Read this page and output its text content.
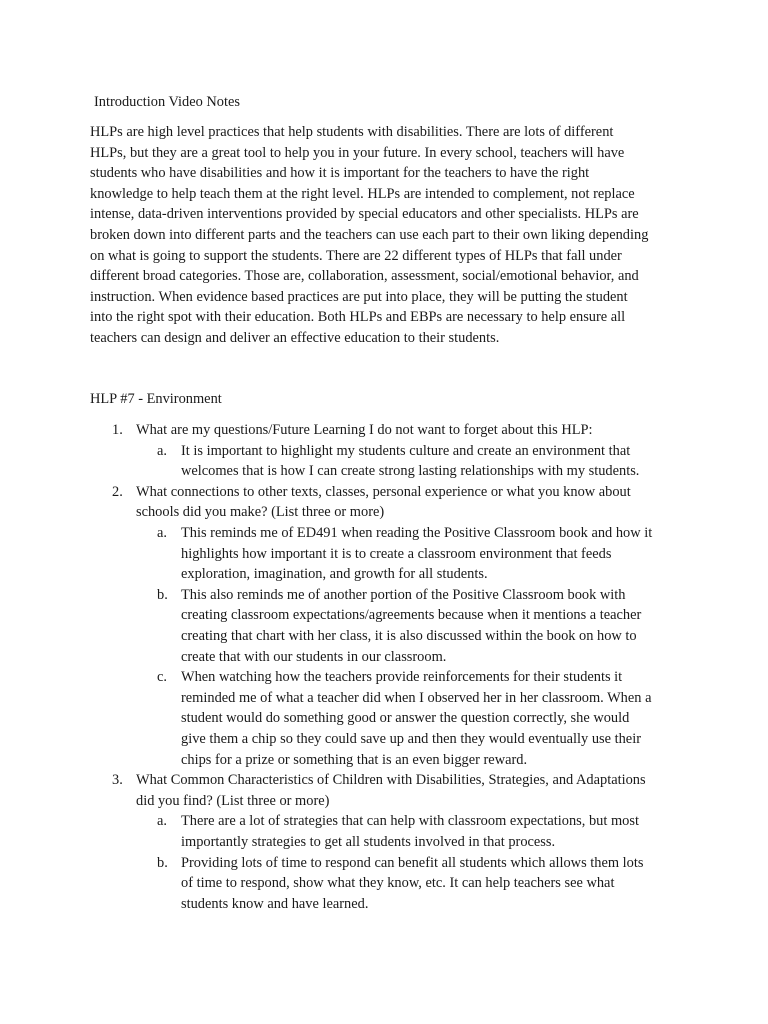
Introduction Video Notes
HLPs are high level practices that help students with disabilities. There are lots of different
HLPs, but they are a great tool to help you in your future. In every school, teachers will have
students who have disabilities and how it is important for the teachers to have the right
knowledge to help teach them at the right level. HLPs are intended to complement, not replace
intense, data-driven interventions provided by special educators and other specialists. HLPs are
broken down into different parts and the teachers can use each part to their own liking depending
on what is going to support the students. There are 22 different types of HLPs that fall under
different broad categories. Those are, collaboration, assessment, social/emotional behavior, and
instruction. When evidence based practices are put into place, they will be putting the student
into the right spot with their education. Both HLPs and EBPs are necessary to help ensure all
teachers can design and deliver an effective education to their students.
HLP #7 - Environment
1. What are my questions/Future Learning I do not want to forget about this HLP:
a. It is important to highlight my students culture and create an environment that
welcomes that is how I can create strong lasting relationships with my students.
2. What connections to other texts, classes, personal experience or what you know about
schools did you make? (List three or more)
a. This reminds me of ED491 when reading the Positive Classroom book and how it
highlights how important it is to create a classroom environment that feeds
exploration, imagination, and growth for all students.
b. This also reminds me of another portion of the Positive Classroom book with
creating classroom expectations/agreements because when it mentions a teacher
creating that chart with her class, it is also discussed within the book on how to
create that with our students in our classroom.
c. When watching how the teachers provide reinforcements for their students it
reminded me of what a teacher did when I observed her in her classroom. When a
student would do something good or answer the question correctly, she would
give them a chip so they could save up and then they would eventually use their
chips for a prize or something that is an even bigger reward.
3. What Common Characteristics of Children with Disabilities, Strategies, and Adaptations
did you find? (List three or more)
a. There are a lot of strategies that can help with classroom expectations, but most
importantly strategies to get all students involved in that process.
b. Providing lots of time to respond can benefit all students which allows them lots
of time to respond, show what they know, etc. It can help teachers see what
students know and have learned.
